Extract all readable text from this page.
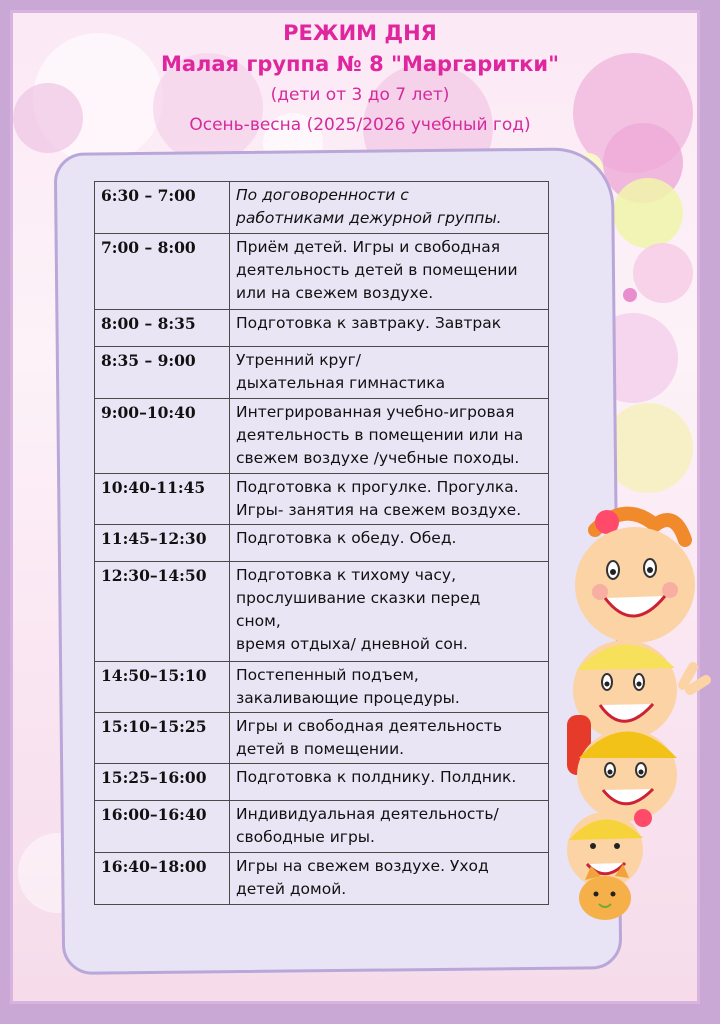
РЕЖИМ ДНЯ
Малая группа № 8 "Маргаритки"
(дети от 3 до 7 лет)
Осень-весна (2025/2026 учебный год)
6:30 – 7:00	По договоренности с
работниками дежурной группы.

7:00 – 8:00	Приём детей. Игры и свободная
деятельность детей в помещении
или на свежем воздухе.

8:00 – 8:35	Подготовка к завтраку. Завтрак

8:35 – 9:00	Утренний круг/
дыхательная гимнастика

9:00–10:40	Интегрированная учебно-игровая
деятельность в помещении или на
свежем воздухе /учебные походы.

10:40-11:45	Подготовка к прогулке. Прогулка.
Игры- занятия на свежем воздухе.

11:45–12:30	Подготовка к обеду. Обед.

12:30–14:50	Подготовка к тихому часу,
прослушивание сказки перед
сном,
время отдыха/ дневной сон.

14:50–15:10	Постепенный подъем,
закаливающие процедуры.

15:10–15:25	Игры и свободная деятельность
детей в помещении.

15:25–16:00	Подготовка к полднику. Полдник.

16:00–16:40	Индивидуальная деятельность/
свободные игры.

16:40–18:00	Игры на свежем воздухе. Уход
детей домой.
